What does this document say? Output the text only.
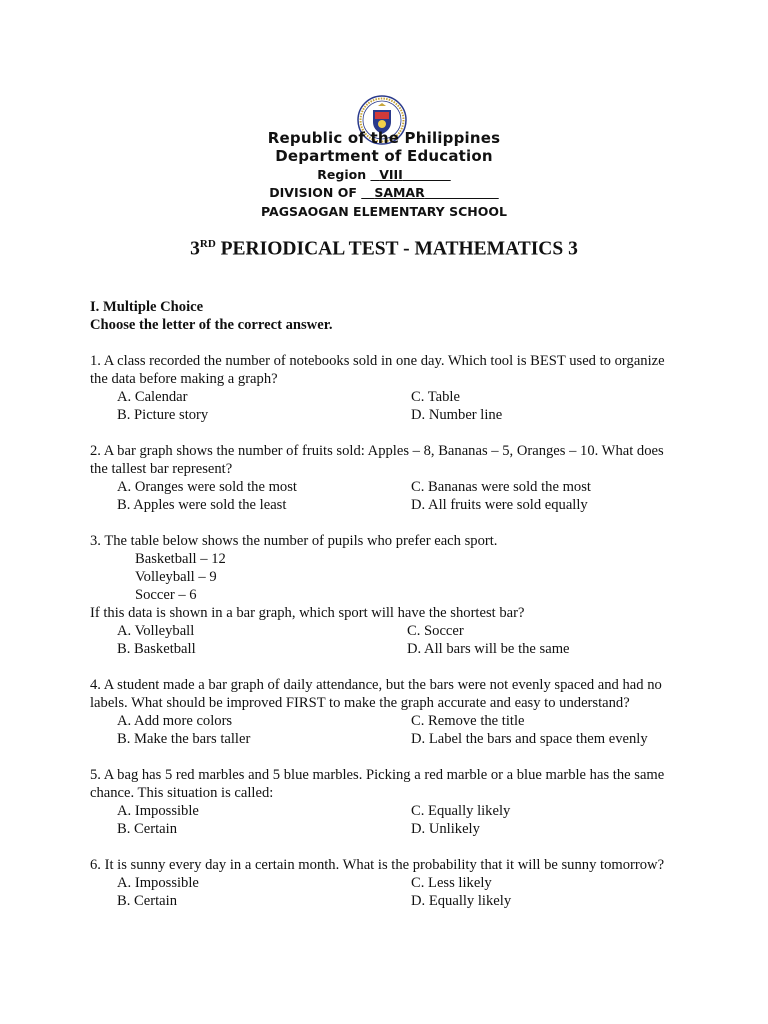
Republic of the Philippines

Department of Education

Region VIII

DIVISION OF SAMAR

PAGSAOGAN ELEMENTARY SCHOOL

3RD PERIODICAL TEST - MATHEMATICS 3
I. Multiple Choice
Choose the letter of the correct answer.

1. A class recorded the number of notebooks sold in one day. Which tool is BEST used to organize the data before making a graph?

A. Calendar	C. Table
B. Picture story	D. Number line

2. A bar graph shows the number of fruits sold: Apples – 8, Bananas – 5, Oranges – 10. What does the tallest bar represent?

A. Oranges were sold the most	C. Bananas were sold the most
B. Apples were sold the least	D. All fruits were sold equally

3. The table below shows the number of pupils who prefer each sport.

Basketball – 12
Volleyball – 9
Soccer – 6

If this data is shown in a bar graph, which sport will have the shortest bar?

A. Volleyball	C. Soccer
B. Basketball	D. All bars will be the same

4. A student made a bar graph of daily attendance, but the bars were not evenly spaced and had no labels. What should be improved FIRST to make the graph accurate and easy to understand?

A. Add more colors	C. Remove the title
B. Make the bars taller	D. Label the bars and space them evenly

5. A bag has 5 red marbles and 5 blue marbles. Picking a red marble or a blue marble has the same chance. This situation is called:

A. Impossible	C. Equally likely
B. Certain	D. Unlikely

6. It is sunny every day in a certain month. What is the probability that it will be sunny tomorrow?

A. Impossible	C. Less likely
B. Certain	D. Equally likely
